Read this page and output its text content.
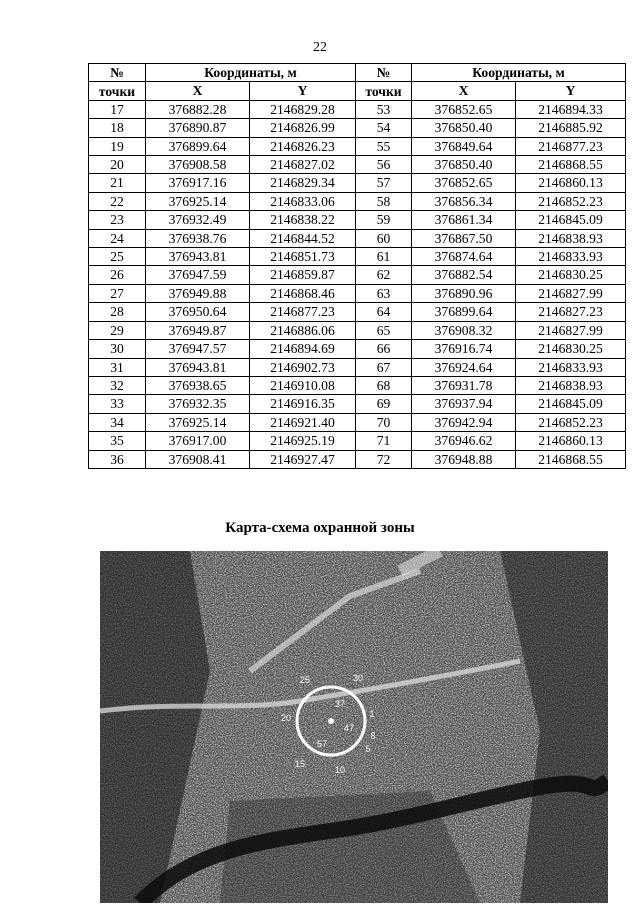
22
№	Координаты, м		№	Координаты, м	
точки	X	Y	точки	X	Y
17	376882.28	2146829.28	53	376852.65	2146894.33
18	376890.87	2146826.99	54	376850.40	2146885.92
19	376899.64	2146826.23	55	376849.64	2146877.23
20	376908.58	2146827.02	56	376850.40	2146868.55
21	376917.16	2146829.34	57	376852.65	2146860.13
22	376925.14	2146833.06	58	376856.34	2146852.23
23	376932.49	2146838.22	59	376861.34	2146845.09
24	376938.76	2146844.52	60	376867.50	2146838.93
25	376943.81	2146851.73	61	376874.64	2146833.93
26	376947.59	2146859.87	62	376882.54	2146830.25
27	376949.88	2146868.46	63	376890.96	2146827.99
28	376950.64	2146877.23	64	376899.64	2146827.23
29	376949.87	2146886.06	65	376908.32	2146827.99
30	376947.57	2146894.69	66	376916.74	2146830.25
31	376943.81	2146902.73	67	376924.64	2146833.93
32	376938.65	2146910.08	68	376931.78	2146838.93
33	376932.35	2146916.35	69	376937.94	2146845.09
34	376925.14	2146921.40	70	376942.94	2146852.23
35	376917.00	2146925.19	71	376946.62	2146860.13
36	376908.41	2146927.47	72	376948.88	2146868.55
Карта-схема охранной зоны
25	30
37
1
20
47
57
15
10
5
8
